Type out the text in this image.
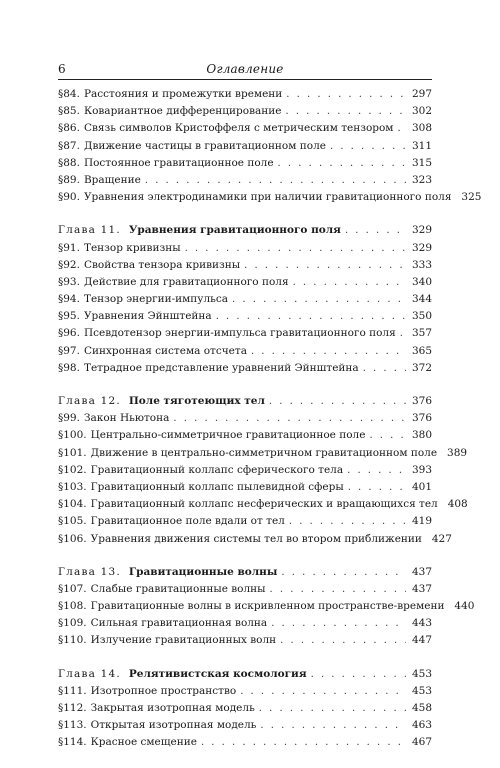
6	Оглавление
§84. Расстояния и промежутки времени . . .	297
§85. Ковариантное дифференцирование . . .	302
§86. Связь символов Кристоффеля с метрическим тензором . . . 308
§87. Движение частицы в гравитационном поле . . .	311
§88. Постоянное гравитационное поле . . .	315
§89. Вращение . . .	323
§90. Уравнения электродинамики при наличии гравитационного поля 325
Глава 11. Уравнения гравитационного поля . . .	329
§91. Тензор кривизны . . .	329
§92. Свойства тензора кривизны . . .	333
§93. Действие для гравитационного поля . . .	340
§94. Тензор энергии-импульса . . .	344
§95. Уравнения Эйнштейна . . .	350
§96. Псевдотензор энергии-импульса гравитационного поля . . . 357
§97. Синхронная система отсчета . . .	365
§98. Тетрадное представление уравнений Эйнштейна . . .	372
Глава 12. Поле тяготеющих тел . . .	376
§99. Закон Ньютона . . .	376
§100. Центрально-симметричное гравитационное поле . . .	380
§101. Движение в центрально-симметричном гравитационном поле 389
§102. Гравитационный коллапс сферического тела . . .	393
§103. Гравитационный коллапс пылевидной сферы . . .	401
§104. Гравитационный коллапс несферических и вращающихся тел 408
§105. Гравитационное поле вдали от тел . . .	419
§106. Уравнения движения системы тел во втором приближении 427
Глава 13. Гравитационные волны . . .	437
§107. Слабые гравитационные волны . . .	437
§108. Гравитационные волны в искривленном пространстве-времени 440
§109. Сильная гравитационная волна . . .	443
§110. Излучение гравитационных волн . . .	447
Глава 14. Релятивистская космология . . .	453
§111. Изотропное пространство . . .	453
§112. Закрытая изотропная модель . . .	458
§113. Открытая изотропная модель . . .	463
§114. Красное смещение . . .	467
